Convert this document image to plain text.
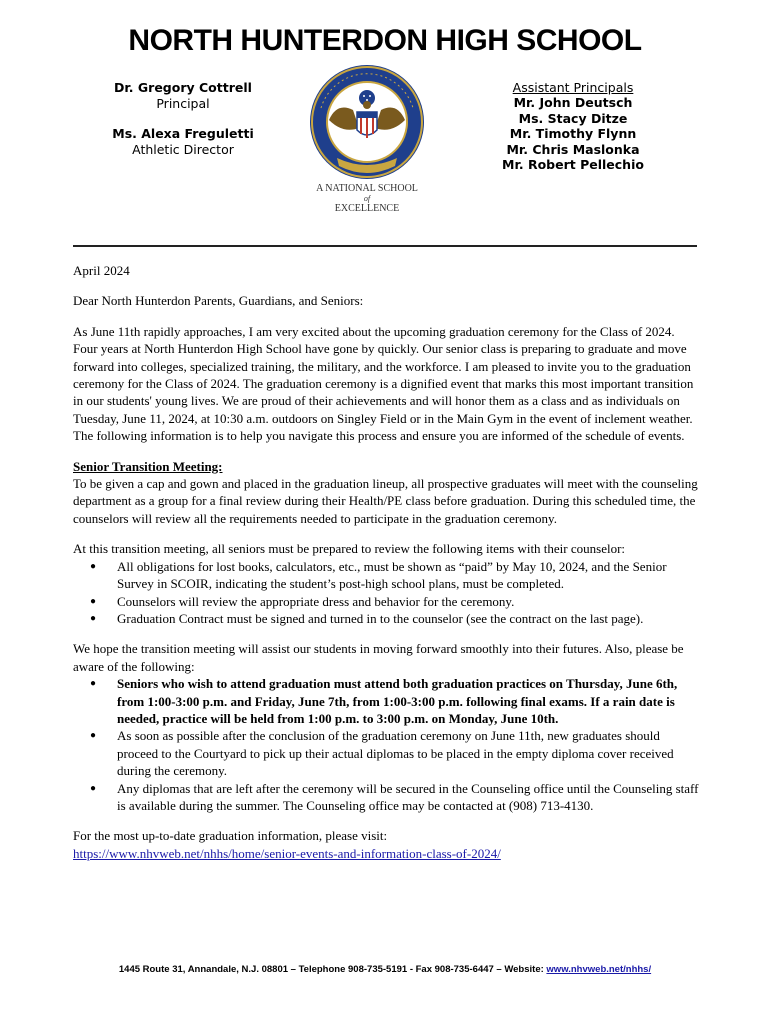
NORTH HUNTERDON HIGH SCHOOL
Dr. Gregory Cottrell
Principal
Ms. Alexa Freguletti
Athletic Director
A NATIONAL SCHOOL
of
EXCELLENCE
Assistant Principals
Mr. John Deutsch
Ms. Stacy Ditze
Mr. Timothy Flynn
Mr. Chris Maslonka
Mr. Robert Pellechio

April 2024

Dear North Hunterdon Parents, Guardians, and Seniors:

As June 11th rapidly approaches, I am very excited about the upcoming graduation ceremony for the Class of 2024. Four years at North Hunterdon High School have gone by quickly. Our senior class is preparing to graduate and move forward into colleges, specialized training, the military, and the workforce. I am pleased to invite you to the graduation ceremony for the Class of 2024. The graduation ceremony is a dignified event that marks this most important transition in our students' young lives. We are proud of their achievements and will honor them as a class and as individuals on Tuesday, June 11, 2024, at 10:30 a.m. outdoors on Singley Field or in the Main Gym in the event of inclement weather. The following information is to help you navigate this process and ensure you are informed of the schedule of events.

Senior Transition Meeting:

To be given a cap and gown and placed in the graduation lineup, all prospective graduates will meet with the counseling department as a group for a final review during their Health/PE class before graduation. During this scheduled time, the counselors will review all the requirements needed to participate in the graduation ceremony.

At this transition meeting, all seniors must be prepared to review the following items with their counselor:

● All obligations for lost books, calculators, etc., must be shown as “paid” by May 10, 2024, and the Senior Survey in SCOIR, indicating the student’s post-high school plans, must be completed.
● Counselors will review the appropriate dress and behavior for the ceremony.
● Graduation Contract must be signed and turned in to the counselor (see the contract on the last page).

We hope the transition meeting will assist our students in moving forward smoothly into their futures. Also, please be aware of the following:

● Seniors who wish to attend graduation must attend both graduation practices on Thursday, June 6th, from 1:00-3:00 p.m. and Friday, June 7th, from 1:00-3:00 p.m. following final exams. If a rain date is needed, practice will be held from 1:00 p.m. to 3:00 p.m. on Monday, June 10th.
● As soon as possible after the conclusion of the graduation ceremony on June 11th, new graduates should proceed to the Courtyard to pick up their actual diplomas to be placed in the empty diploma cover received during the ceremony.
● Any diplomas that are left after the ceremony will be secured in the Counseling office until the Counseling staff is available during the summer. The Counseling office may be contacted at (908) 713-4130.

For the most up-to-date graduation information, please visit:

https://www.nhvweb.net/nhhs/home/senior-events-and-information-class-of-2024/
1445 Route 31, Annandale, N.J. 08801 – Telephone 908-735-5191 - Fax 908-735-6447 – Website: www.nhvweb.net/nhhs/
